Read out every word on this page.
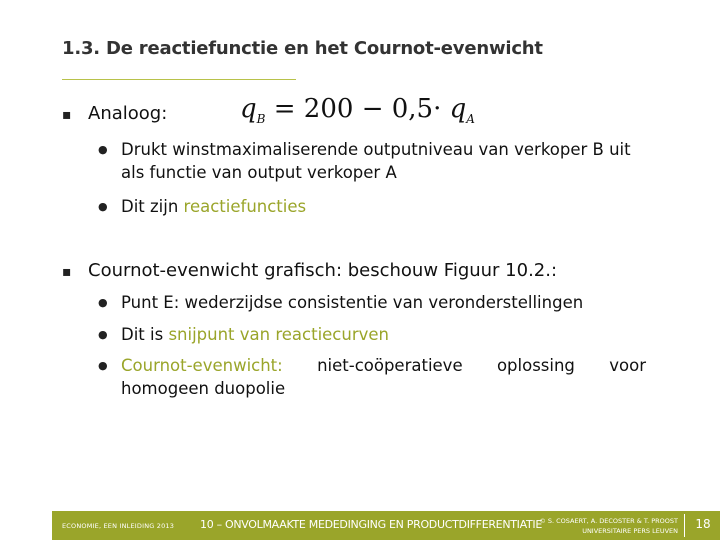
1.3. De reactiefunctie en het Cournot-evenwicht
▪ Analoog:	$q_B = 200 - 0,5\cdot q_A$
● Drukt winstmaximaliserende outputniveau van verkoper B uit als functie van output verkoper A
● Dit zijn reactiefuncties
▪ Cournot-evenwicht grafisch: beschouw Figuur 10.2.:
● Punt E: wederzijdse consistentie van veronderstellingen
● Dit is snijpunt van reactiecurven
● Cournot-evenwicht: niet-coöperatieve oplossing voor homogeen duopolie
ECONOMIE, EEN INLEIDING 2013 10 – ONVOLMAAKTE MEDEDINGING EN PRODUCTDIFFERENTIATIE
© S. COSAERT, A. DECOSTER & T. PROOST
UNIVERSITAIRE PERS LEUVEN	18
